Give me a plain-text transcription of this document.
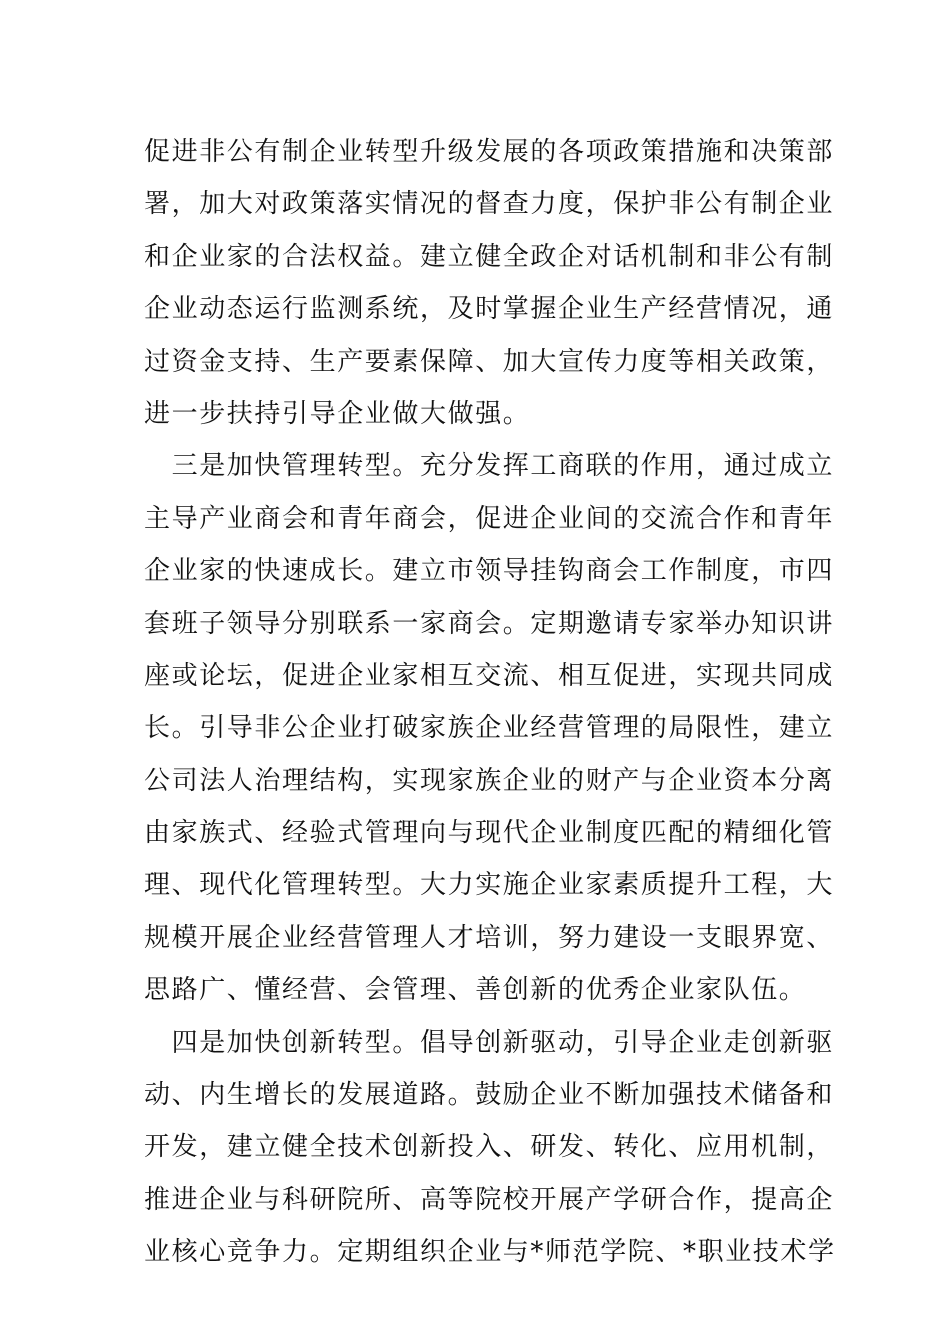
促进非公有制企业转型升级发展的各项政策措施和决策部
署，加大对政策落实情况的督查力度，保护非公有制企业
和企业家的合法权益。建立健全政企对话机制和非公有制
企业动态运行监测系统，及时掌握企业生产经营情况，通
过资金支持、生产要素保障、加大宣传力度等相关政策，
进一步扶持引导企业做大做强。
　三是加快管理转型。充分发挥工商联的作用，通过成立
主导产业商会和青年商会，促进企业间的交流合作和青年
企业家的快速成长。建立市领导挂钩商会工作制度，市四
套班子领导分别联系一家商会。定期邀请专家举办知识讲
座或论坛，促进企业家相互交流、相互促进，实现共同成
长。引导非公企业打破家族企业经营管理的局限性，建立
公司法人治理结构，实现家族企业的财产与企业资本分离
由家族式、经验式管理向与现代企业制度匹配的精细化管
理、现代化管理转型。大力实施企业家素质提升工程，大
规模开展企业经营管理人才培训，努力建设一支眼界宽、
思路广、懂经营、会管理、善创新的优秀企业家队伍。
　四是加快创新转型。倡导创新驱动，引导企业走创新驱
动、内生增长的发展道路。鼓励企业不断加强技术储备和
开发，建立健全技术创新投入、研发、转化、应用机制，
推进企业与科研院所、高等院校开展产学研合作，提高企
业核心竞争力。定期组织企业与*师范学院、*职业技术学
